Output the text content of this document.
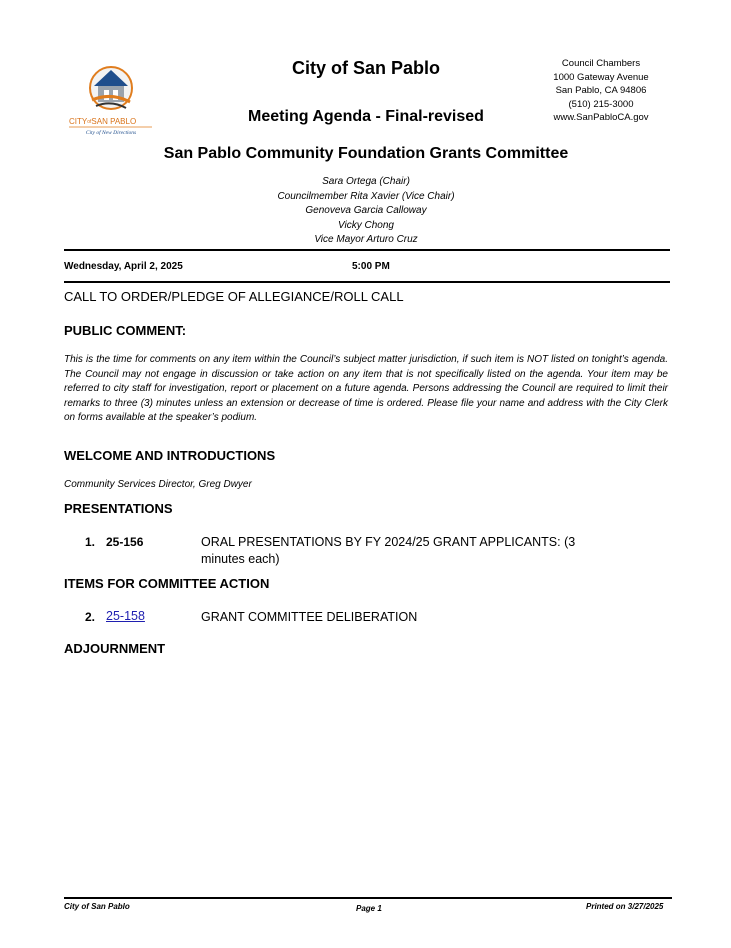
CITYofSAN PABLO
City of New Directions
City of San Pablo
Meeting Agenda - Final-revised
Council Chambers
1000 Gateway Avenue
San Pablo, CA 94806
(510) 215-3000
www.SanPabloCA.gov
San Pablo Community Foundation Grants Committee
Sara Ortega (Chair)
Councilmember Rita Xavier (Vice Chair)
Genoveva Garcia Calloway
Vicky Chong
Vice Mayor Arturo Cruz
Wednesday, April 2, 2025	5:00 PM
CALL TO ORDER/PLEDGE OF ALLEGIANCE/ROLL CALL
PUBLIC COMMENT:
This is the time for comments on any item within the Council’s subject matter jurisdiction, if such item is NOT listed on tonight’s agenda. The Council may not engage in discussion or take action on any item that is not specifically listed on the agenda. Your item may be referred to city staff for investigation, report or placement on a future agenda. Persons addressing the Council are required to limit their remarks to three (3) minutes unless an extension or decrease of time is ordered. Please file your name and address with the City Clerk on forms available at the speaker’s podium.
WELCOME AND INTRODUCTIONS
Community Services Director, Greg Dwyer
PRESENTATIONS
1. 25-156	ORAL PRESENTATIONS BY FY 2024/25 GRANT APPLICANTS: (3 minutes each)
ITEMS FOR COMMITTEE ACTION
2. 25-158	GRANT COMMITTEE DELIBERATION
ADJOURNMENT
City of San Pablo	Page 1	Printed on 3/27/2025
